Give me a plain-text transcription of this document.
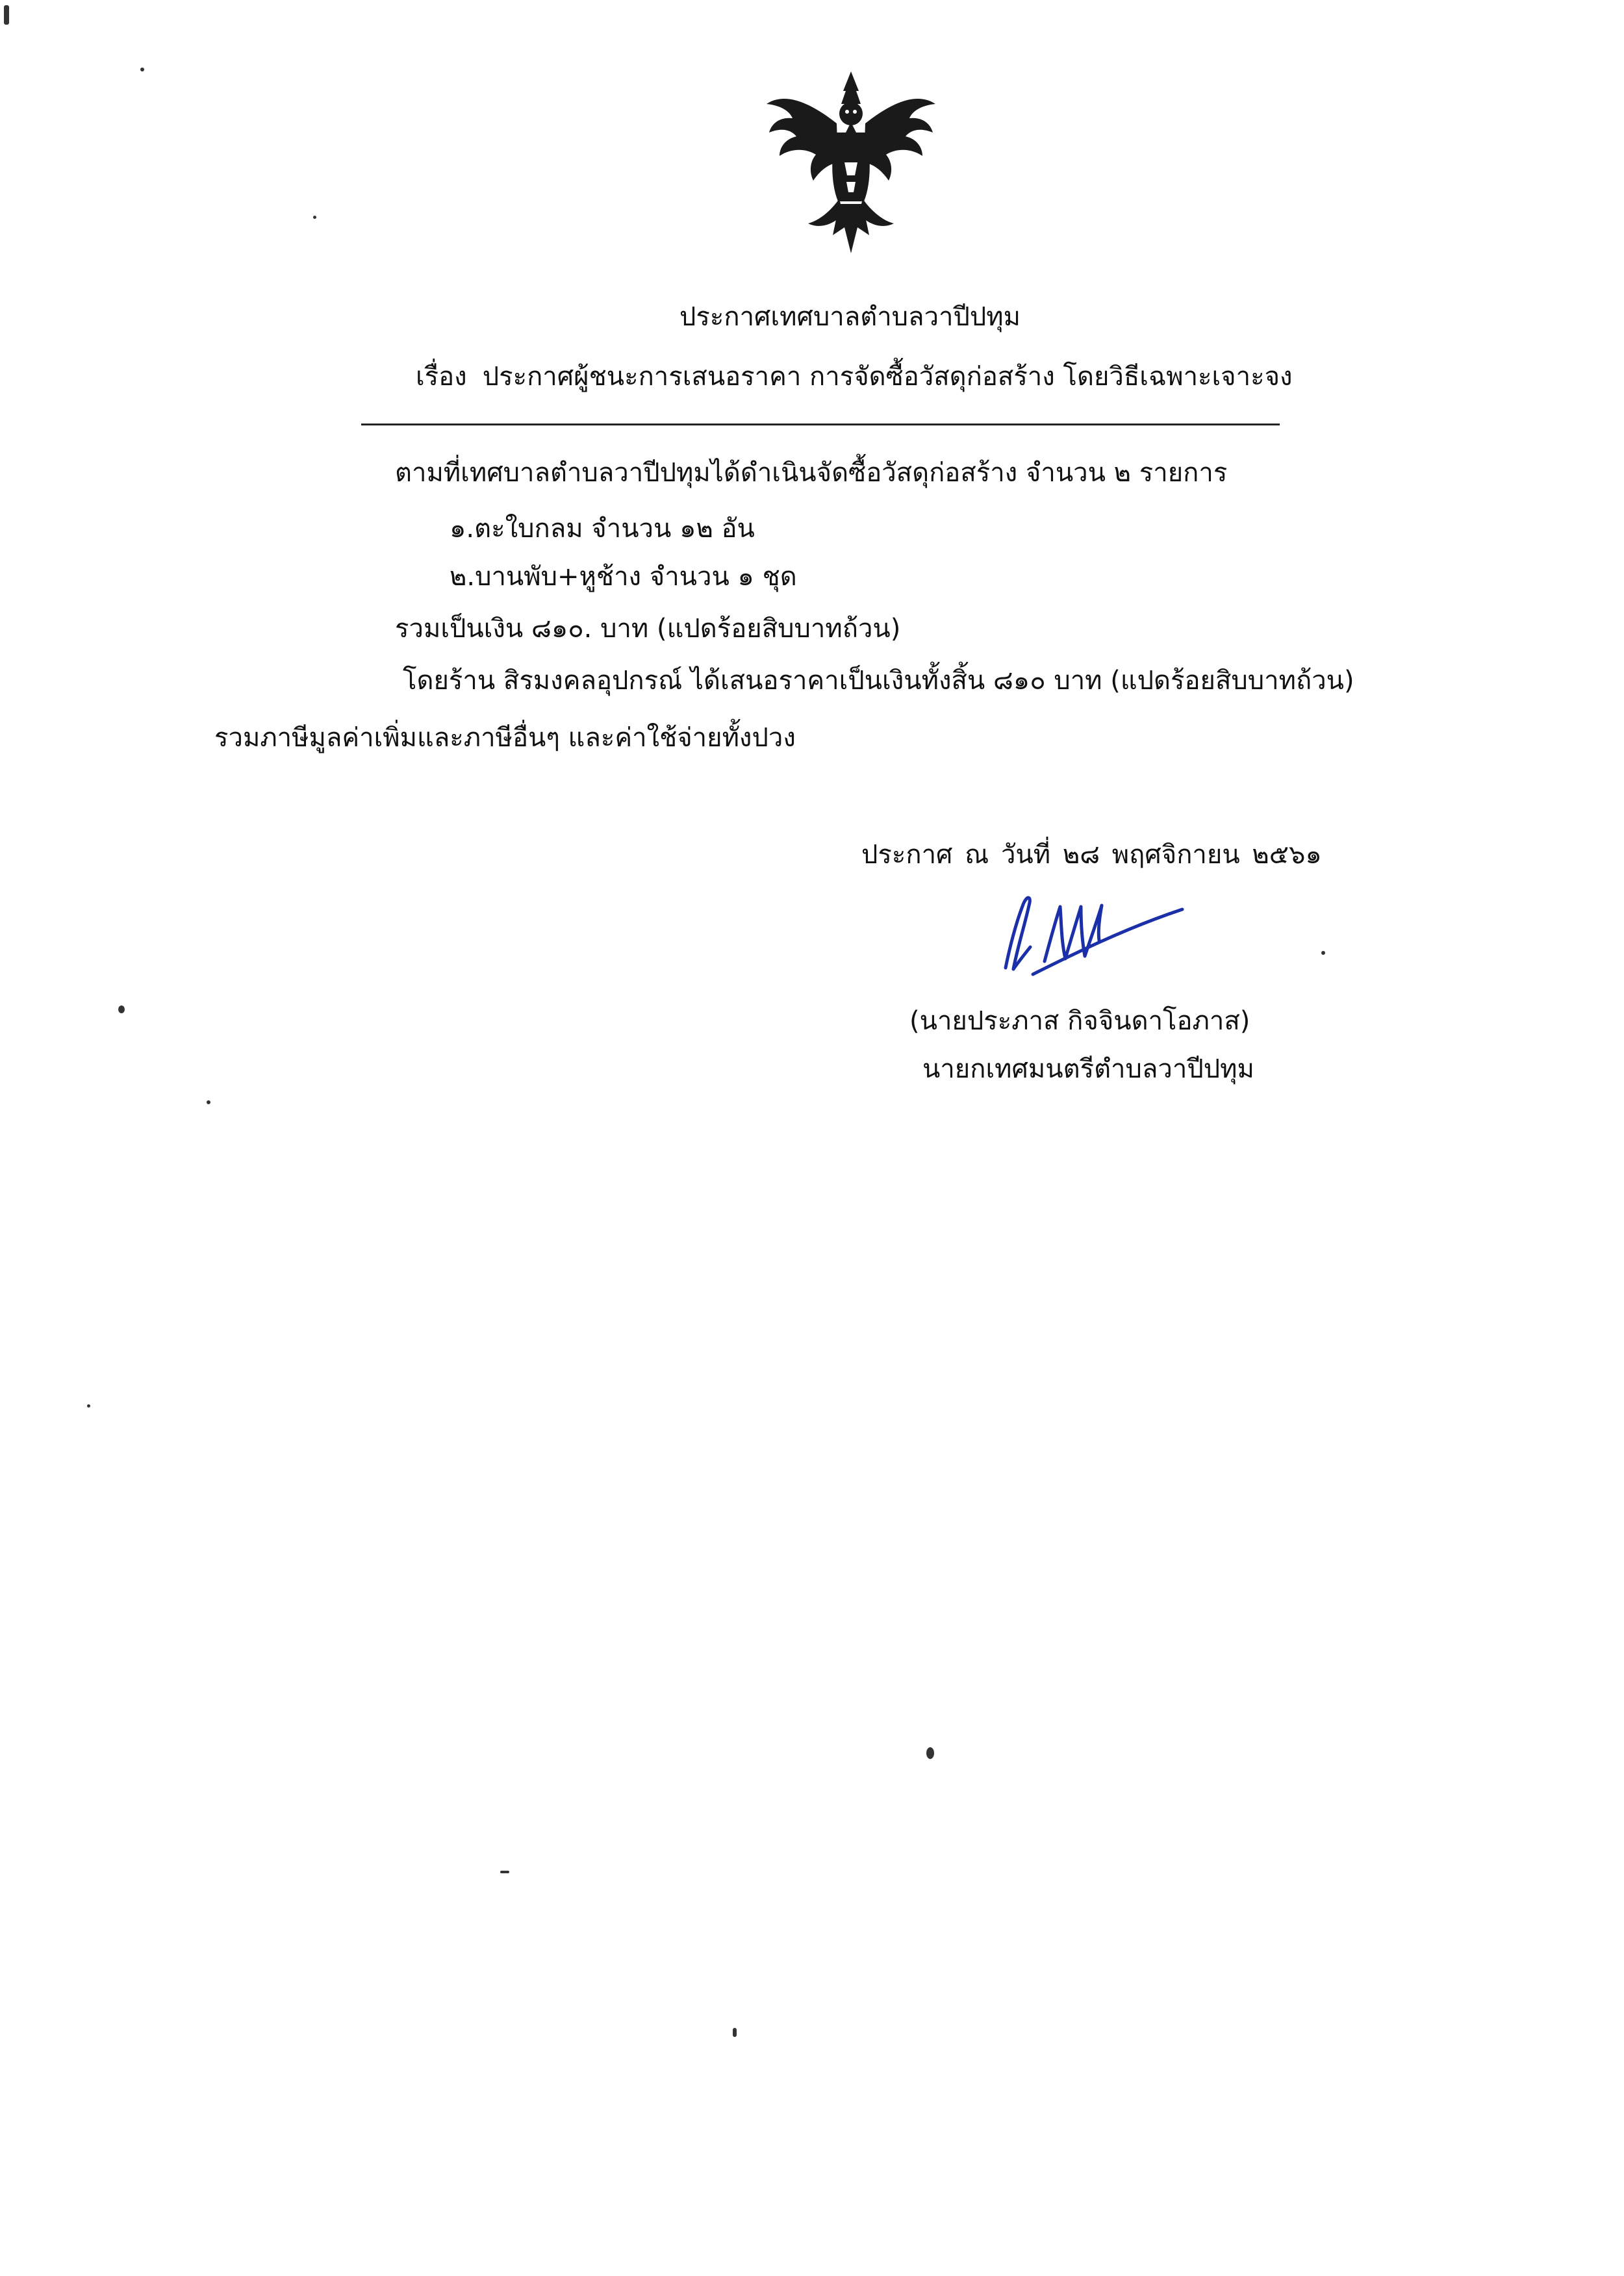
ประกาศเทศบาลตำบลวาปีปทุม
เรื่อง ประกาศผู้ชนะการเสนอราคา การจัดซื้อวัสดุก่อสร้าง โดยวิธีเฉพาะเจาะจง
ตามที่เทศบาลตำบลวาปีปทุมได้ดำเนินจัดซื้อวัสดุก่อสร้าง จำนวน ๒ รายการ
๑.ตะใบกลม จำนวน ๑๒ อัน
๒.บานพับ+หูช้าง จำนวน ๑ ชุด
รวมเป็นเงิน ๘๑๐. บาท (แปดร้อยสิบบาทถ้วน)
โดยร้าน สิรมงคลอุปกรณ์ ได้เสนอราคาเป็นเงินทั้งสิ้น ๘๑๐ บาท (แปดร้อยสิบบาทถ้วน)
รวมภาษีมูลค่าเพิ่มและภาษีอื่นๆ และค่าใช้จ่ายทั้งปวง
ประกาศ ณ วันที่ ๒๘ พฤศจิกายน ๒๕๖๑
(นายประภาส กิจจินดาโอภาส)
นายกเทศมนตรีตำบลวาปีปทุม
